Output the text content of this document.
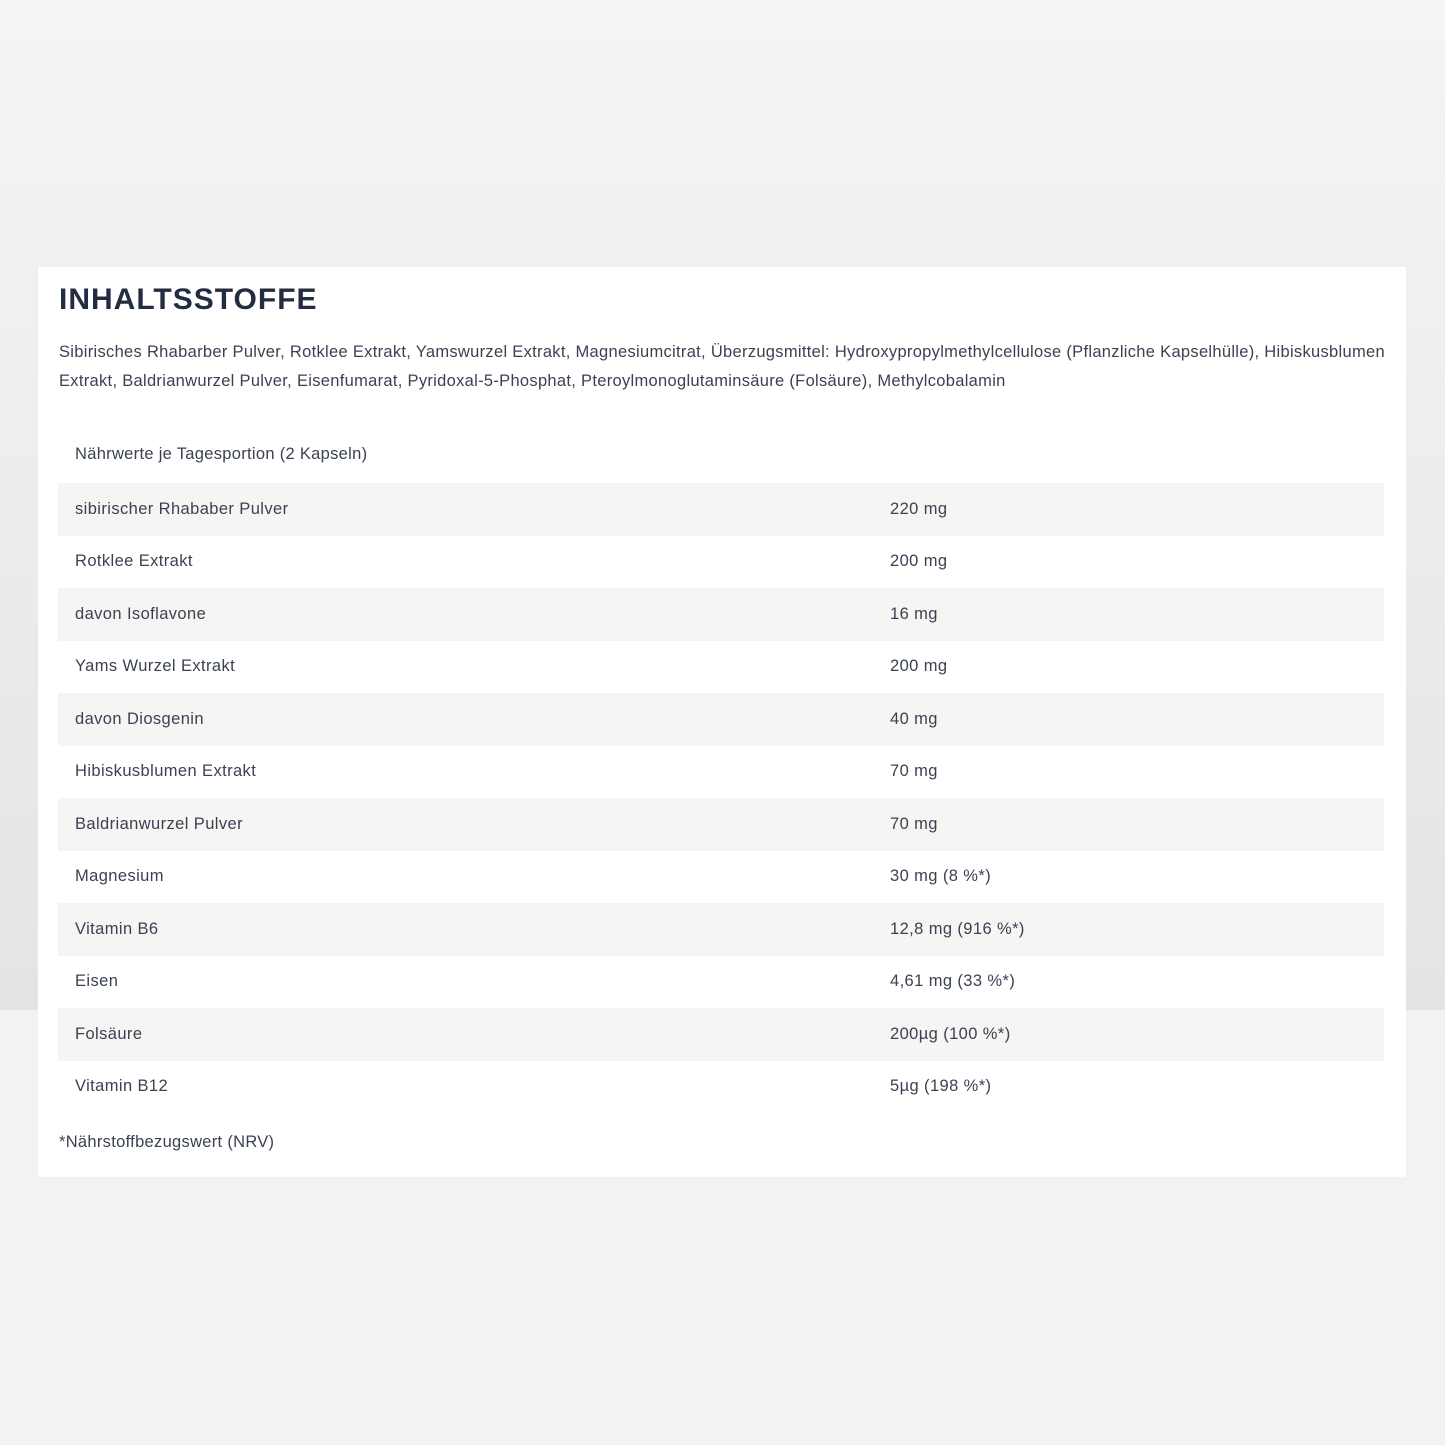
INHALTSSTOFFE

Sibirisches Rhabarber Pulver, Rotklee Extrakt, Yamswurzel Extrakt, Magnesiumcitrat, Überzugsmittel: Hydroxypropylmethylcellulose (Pflanzliche Kapselhülle), Hibiskusblumen Extrakt, Baldrianwurzel Pulver, Eisenfumarat, Pyridoxal-5-Phosphat, Pteroylmonoglutaminsäure (Folsäure), Methylcobalamin

Nährwerte je Tagesportion (2 Kapseln)
sibirischer Rhababer Pulver	220 mg
Rotklee Extrakt	200 mg
davon Isoflavone	16 mg
Yams Wurzel Extrakt	200 mg
davon Diosgenin	40 mg
Hibiskusblumen Extrakt	70 mg
Baldrianwurzel Pulver	70 mg
Magnesium	30 mg (8 %*)
Vitamin B6	12,8 mg (916 %*)
Eisen	4,61 mg (33 %*)
Folsäure	200µg (100 %*)
Vitamin B12	5µg (198 %*)

*Nährstoffbezugswert (NRV)
